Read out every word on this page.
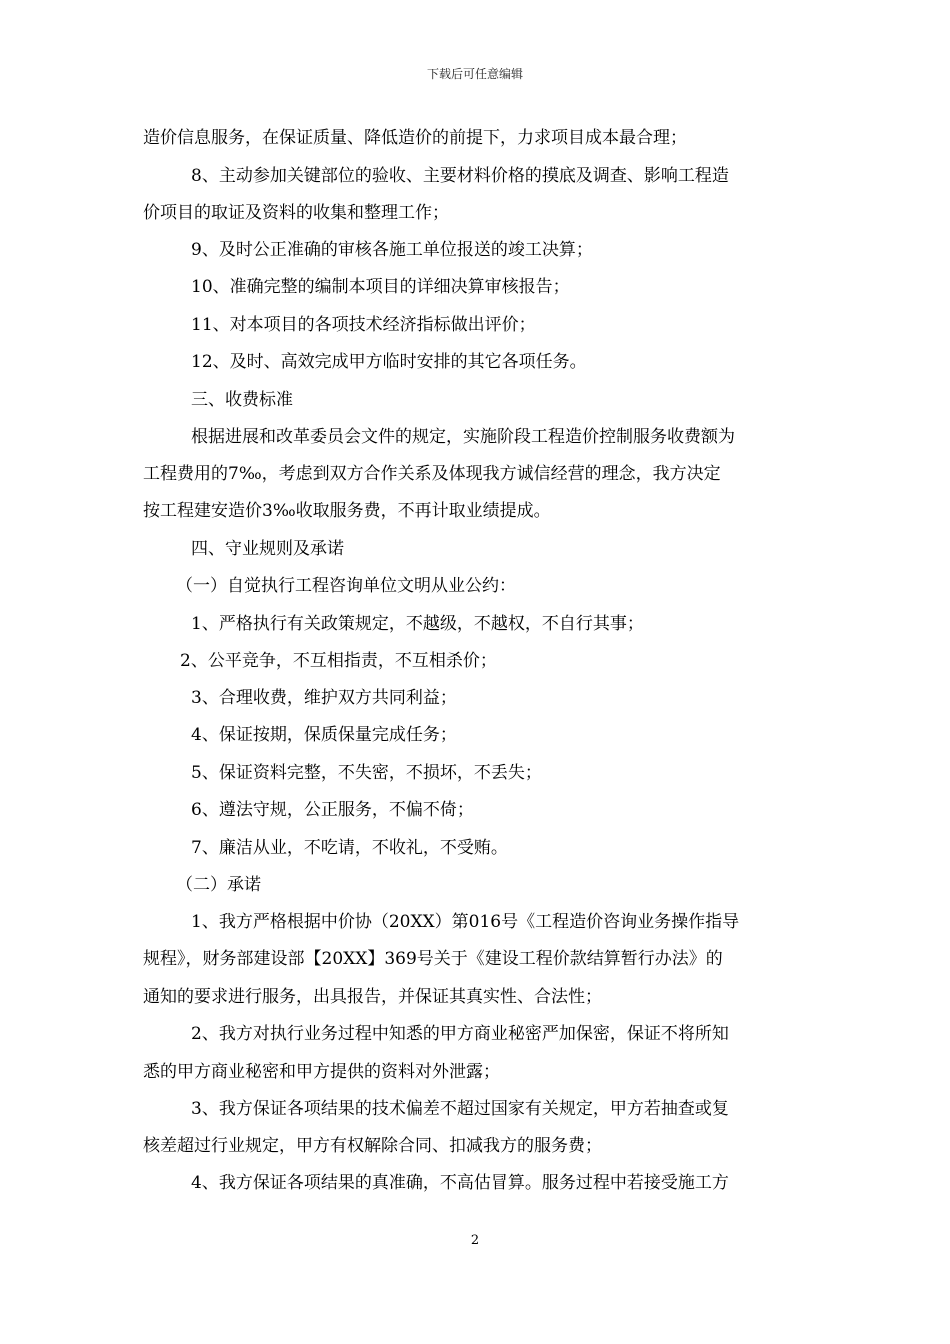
下载后可任意编辑
造价信息服务，在保证质量、降低造价的前提下，力求项目成本最合理；
8、主动参加关键部位的验收、主要材料价格的摸底及调查、影响工程造
价项目的取证及资料的收集和整理工作；
9、及时公正准确的审核各施工单位报送的竣工决算；
10、准确完整的编制本项目的详细决算审核报告；
11、对本项目的各项技术经济指标做出评价；
12、及时、高效完成甲方临时安排的其它各项任务。
三、收费标准
根据进展和改革委员会文件的规定，实施阶段工程造价控制服务收费额为
工程费用的7‰，考虑到双方合作关系及体现我方诚信经营的理念，我方决定
按工程建安造价3‰收取服务费，不再计取业绩提成。
四、守业规则及承诺
（一）自觉执行工程咨询单位文明从业公约：
1、严格执行有关政策规定，不越级，不越权，不自行其事；
2、公平竞争，不互相指责，不互相杀价；
3、合理收费，维护双方共同利益；
4、保证按期，保质保量完成任务；
5、保证资料完整，不失密，不损坏，不丢失；
6、遵法守规，公正服务，不偏不倚；
7、廉洁从业，不吃请，不收礼，不受贿。
（二）承诺
1、我方严格根据中价协（20XX）第016号《工程造价咨询业务操作指导
规程》，财务部建设部【20XX】369号关于《建设工程价款结算暂行办法》的
通知的要求进行服务，出具报告，并保证其真实性、合法性；
2、我方对执行业务过程中知悉的甲方商业秘密严加保密，保证不将所知
悉的甲方商业秘密和甲方提供的资料对外泄露；
3、我方保证各项结果的技术偏差不超过国家有关规定，甲方若抽查或复
核差超过行业规定，甲方有权解除合同、扣减我方的服务费；
4、我方保证各项结果的真准确，不高估冒算。服务过程中若接受施工方
2
